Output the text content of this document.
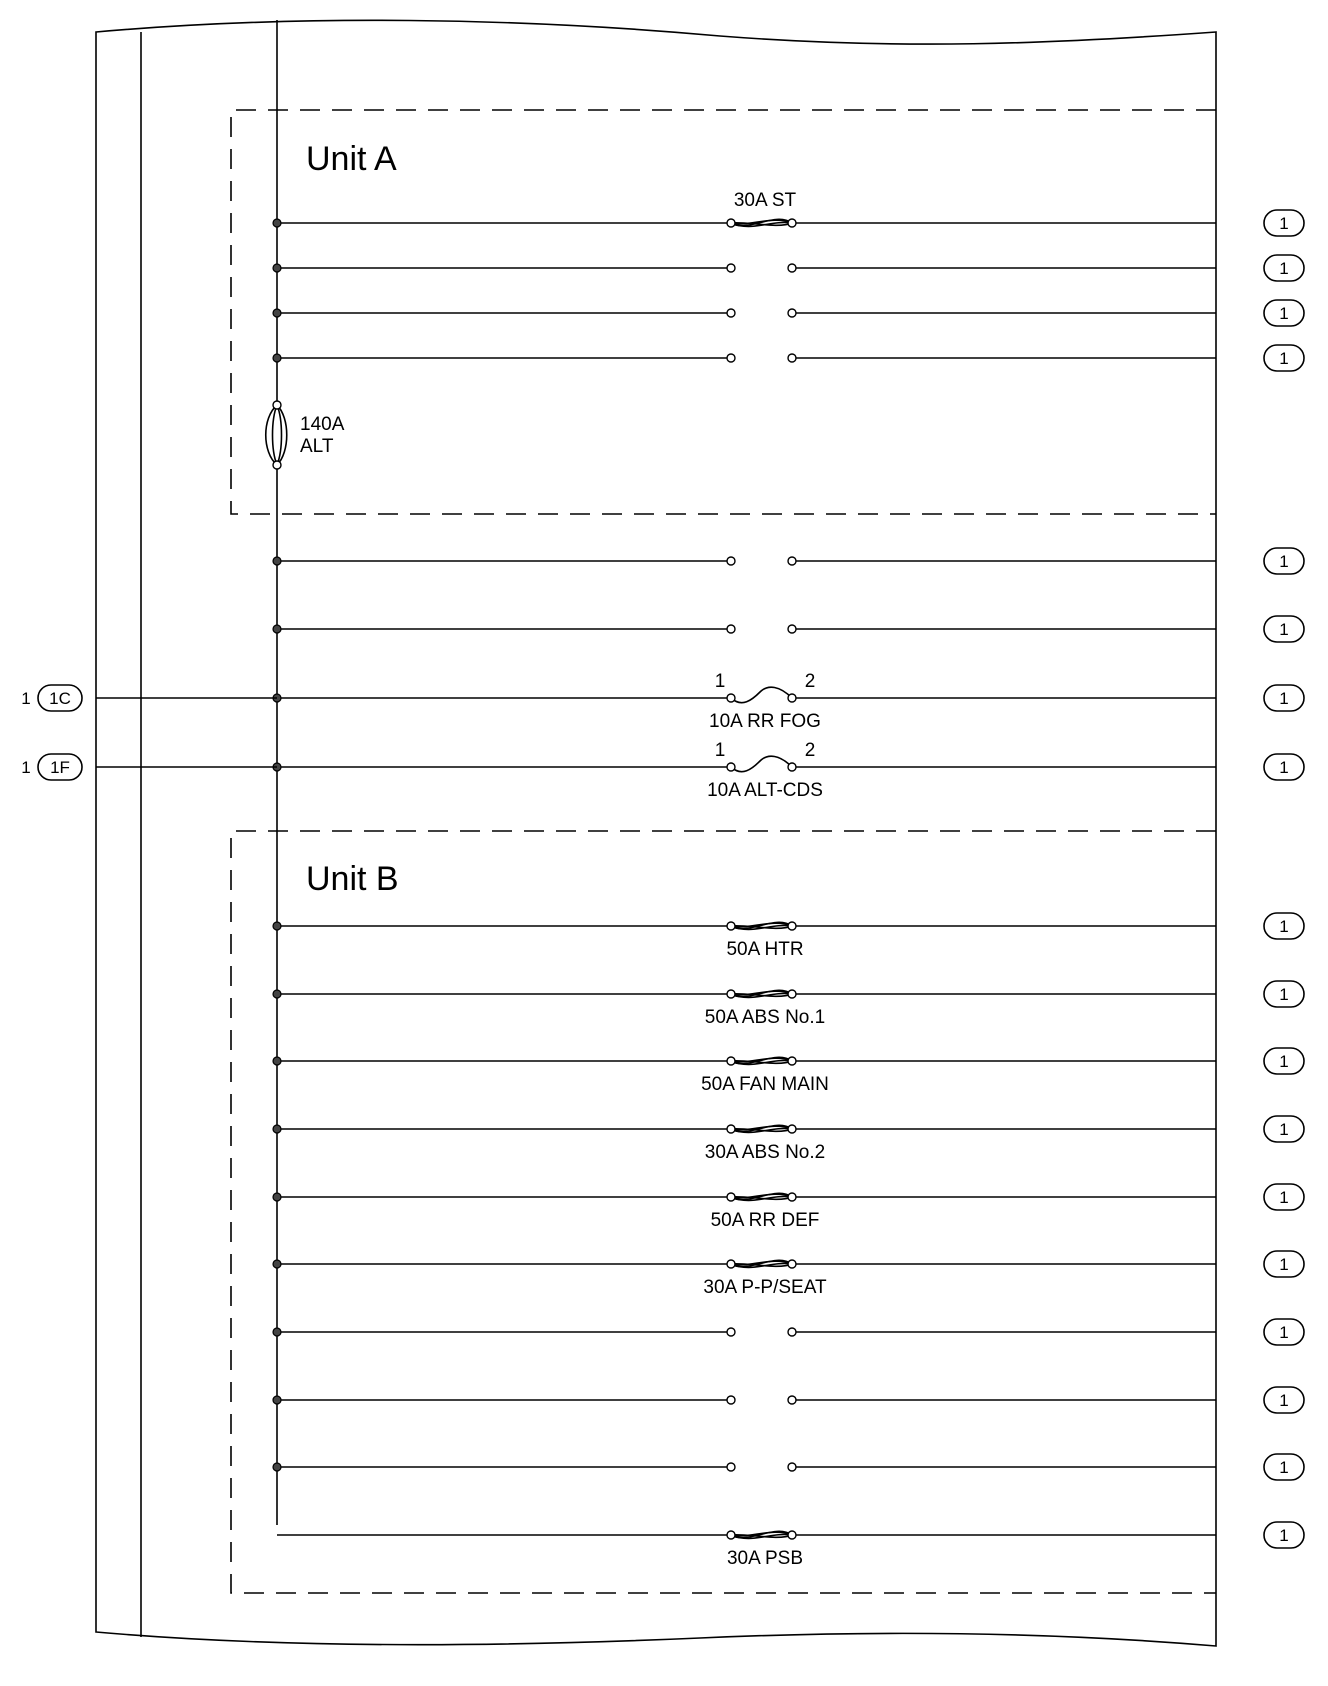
Unit A
Unit B
140A
ALT
30A ST
1
1
1
1
1
1
1	2
10A RR FOG
1
1 1C
1	2
10A ALT-CDS
1
1 1F
50A HTR
1
50A ABS No.1
1
50A FAN MAIN
1
30A ABS No.2
1
50A RR DEF
1
30A P-P/SEAT
1
1
1
1
30A PSB
1
